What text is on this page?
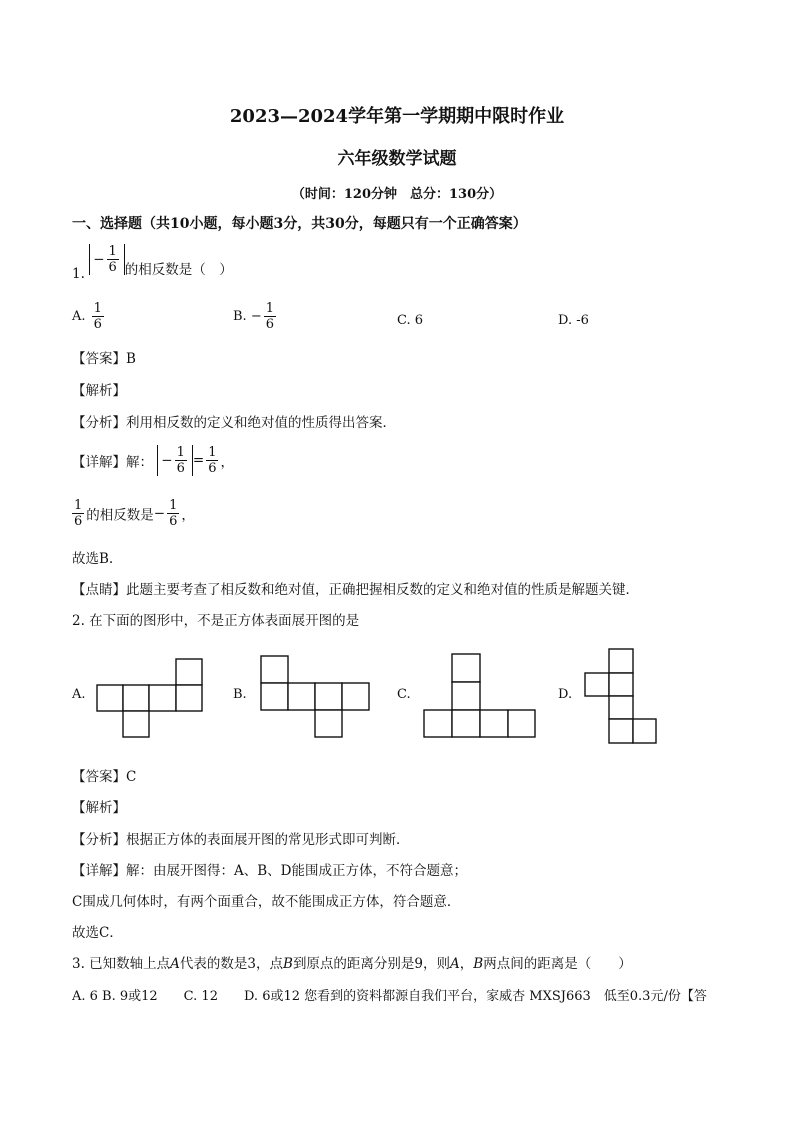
2023—2024学年第一学期期中限时作业
六年级数学试题
（时间：120分钟　总分：130分）
一、选择题（共10小题，每小题3分，共30分，每题只有一个正确答案）
1. − $\frac{1}{6}$ 的相反数是（　）
A. $\frac{1}{6}$	B. − $\frac{1}{6}$	C. 6	D. -6
【答案】B
【解析】
【分析】利用相反数的定义和绝对值的性质得出答案．
【详解】解： − $\frac{1}{6} = \frac{1}{6}$ ，
$\frac{1}{6}$ 的相反数是− $\frac{1}{6}$ ，
故选B.
【点睛】此题主要考查了相反数和绝对值，正确把握相反数的定义和绝对值的性质是解题关键．
2. 在下面的图形中，不是正方体表面展开图的是
A.	B.	C.	D.
【答案】C
【解析】
【分析】根据正方体的表面展开图的常见形式即可判断．
【详解】解：由展开图得：A、B、D能围成正方体，不符合题意；
C围成几何体时，有两个面重合，故不能围成正方体，符合题意．
故选C．
3. 已知数轴上点A代表的数是3，点B到原点的距离分别是9，则A，B两点间的距离是（　　）
A. 6 B. 9或12　　C. 12　　D. 6或12 您看到的资料都源自我们平台，家威杏 MXSJ663　低至0.3元/份【答
